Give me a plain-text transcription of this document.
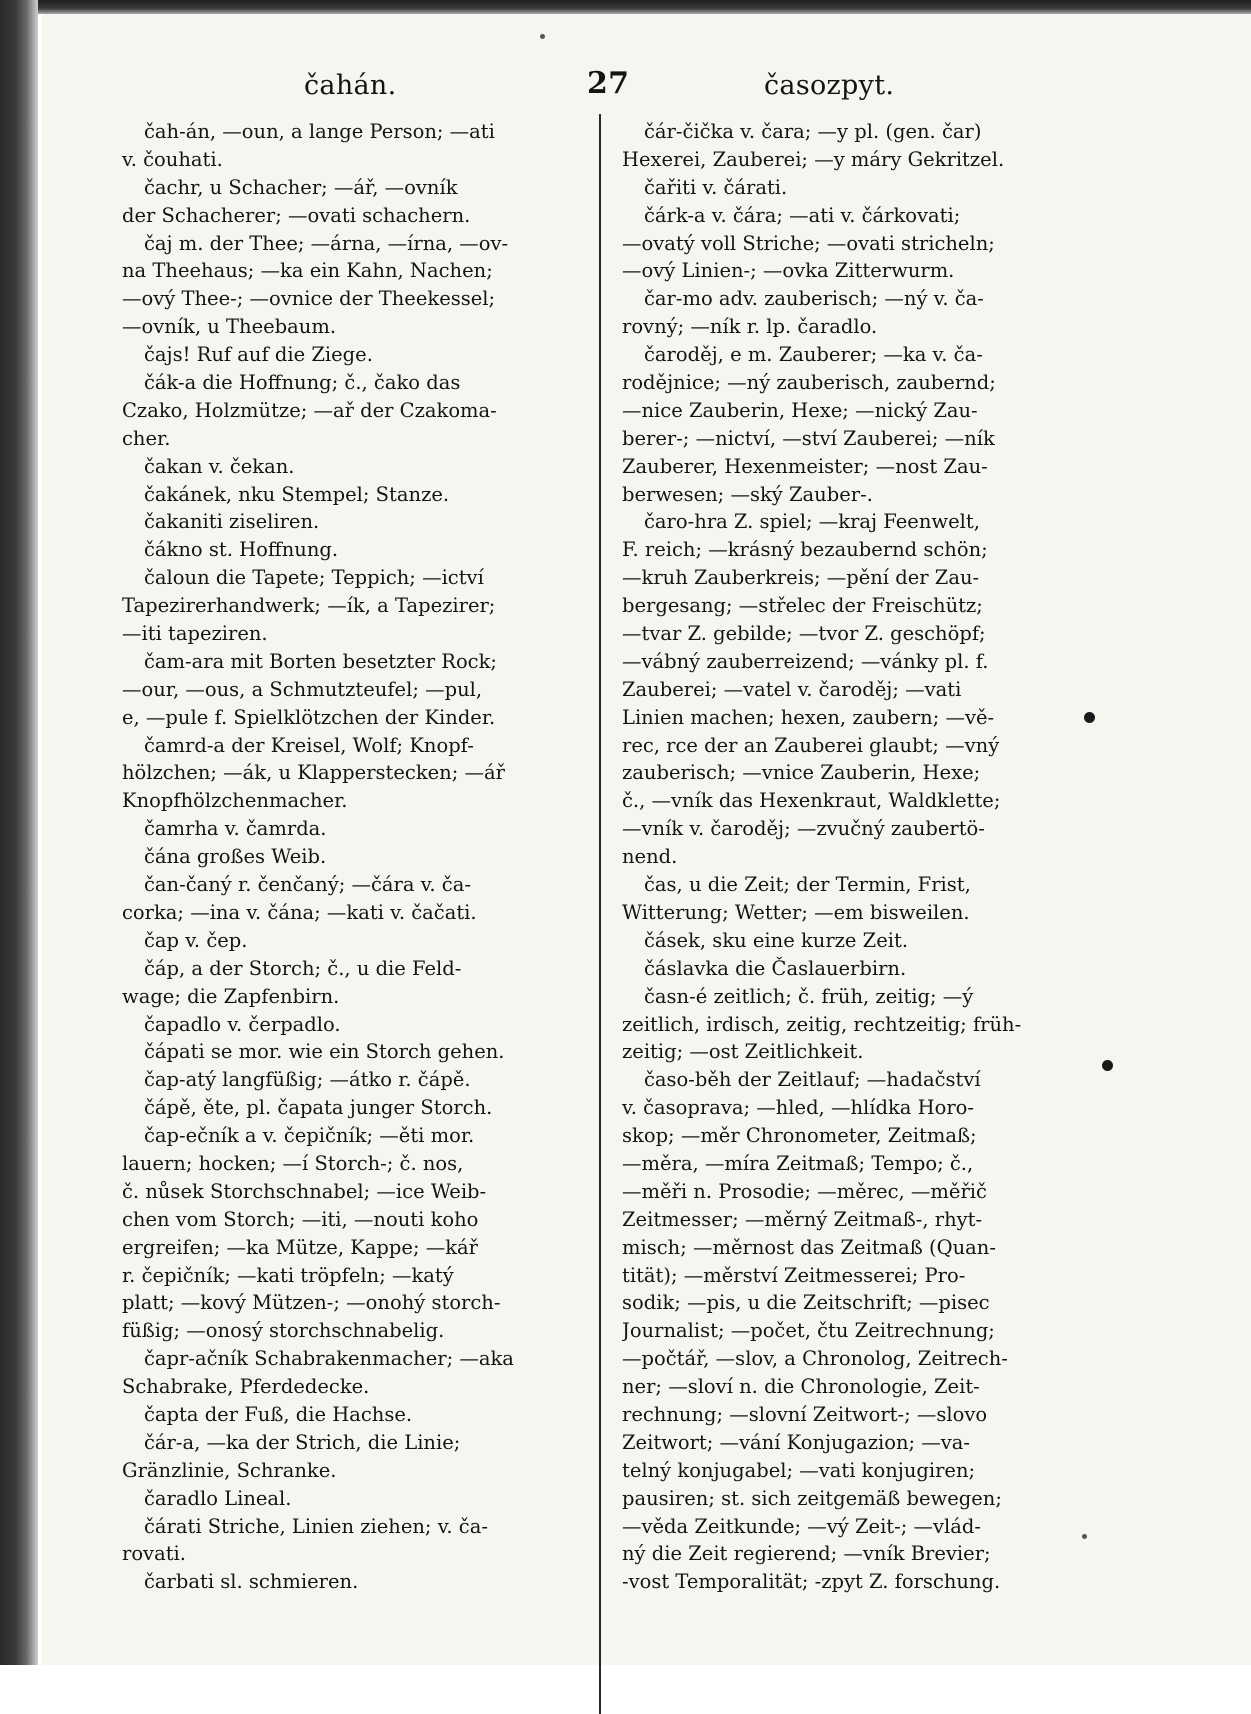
čahán.	27	časozpyt.
čah-án, —oun, a lange Person; —ati
v. čouhati.
čachr, u Schacher; —ář, —ovník
der Schacherer; —ovati schachern.
čaj m. der Thee; —árna, —írna, —ov-
na Theehaus; —ka ein Kahn, Nachen;
—ový Thee-; —ovnice der Theekessel;
—ovník, u Theebaum.
čajs! Ruf auf die Ziege.
čák-a die Hoffnung; č., čako das
Czako, Holzmütze; —ař der Czakoma-
cher.
čakan v. čekan.
čakánek, nku Stempel; Stanze.
čakaniti ziseliren.
čákno st. Hoffnung.
čaloun die Tapete; Teppich; —ictví
Tapezirerhandwerk; —ík, a Tapezirer;
—iti tapeziren.
čam-ara mit Borten besetzter Rock;
—our, —ous, a Schmutzteufel; —pul,
e, —pule f. Spielklötzchen der Kinder.
čamrd-a der Kreisel, Wolf; Knopf-
hölzchen; —ák, u Klapperstecken; —ář
Knopfhölzchenmacher.
čamrha v. čamrda.
čána großes Weib.
čan-čaný r. čenčaný; —čára v. ča-
corka; —ina v. čána; —kati v. čačati.
čap v. čep.
čáp, a der Storch; č., u die Feld-
wage; die Zapfenbirn.
čapadlo v. čerpadlo.
čápati se mor. wie ein Storch gehen.
čap-atý langfüßig; —átko r. čápě.
čápě, ěte, pl. čapata junger Storch.
čap-ečník a v. čepičník; —ěti mor.
lauern; hocken; —í Storch-; č. nos,
č. nůsek Storchschnabel; —ice Weib-
chen vom Storch; —iti, —nouti koho
ergreifen; —ka Mütze, Kappe; —kář
r. čepičník; —kati tröpfeln; —katý
platt; —kový Mützen-; —onohý storch-
füßig; —onosý storchschnabelig.
čapr-ačník Schabrakenmacher; —aka
Schabrake, Pferdedecke.
čapta der Fuß, die Hachse.
čár-a, —ka der Strich, die Linie;
Gränzlinie, Schranke.
čaradlo Lineal.
čárati Striche, Linien ziehen; v. ča-
rovati.
čarbati sl. schmieren.
čár-čička v. čara; —y pl. (gen. čar)
Hexerei, Zauberei; —y máry Gekritzel.
čařiti v. čárati.
čárk-a v. čára; —ati v. čárkovati;
—ovatý voll Striche; —ovati stricheln;
—ový Linien-; —ovka Zitterwurm.
čar-mo adv. zauberisch; —ný v. ča-
rovný; —ník r. lp. čaradlo.
čaroděj, e m. Zauberer; —ka v. ča-
rodějnice; —ný zauberisch, zaubernd;
—nice Zauberin, Hexe; —nický Zau-
berer-; —nictví, —ství Zauberei; —ník
Zauberer, Hexenmeister; —nost Zau-
berwesen; —ský Zauber-.
čaro-hra Z. spiel; —kraj Feenwelt,
F. reich; —krásný bezaubernd schön;
—kruh Zauberkreis; —pění der Zau-
bergesang; —střelec der Freischütz;
—tvar Z. gebilde; —tvor Z. geschöpf;
—vábný zauberreizend; —vánky pl. f.
Zauberei; —vatel v. čaroděj; —vati
Linien machen; hexen, zaubern; —vě-
rec, rce der an Zauberei glaubt; —vný
zauberisch; —vnice Zauberin, Hexe;
č., —vník das Hexenkraut, Waldklette;
—vník v. čaroděj; —zvučný zaubertö-
nend.
čas, u die Zeit; der Termin, Frist,
Witterung; Wetter; —em bisweilen.
čásek, sku eine kurze Zeit.
čáslavka die Časlauerbirn.
časn-é zeitlich; č. früh, zeitig; —ý
zeitlich, irdisch, zeitig, rechtzeitig; früh-
zeitig; —ost Zeitlichkeit.
časo-běh der Zeitlauf; —hadačství
v. časoprava; —hled, —hlídka Horo-
skop; —měr Chronometer, Zeitmaß;
—měra, —míra Zeitmaß; Tempo; č.,
—měři n. Prosodie; —měrec, —měřič
Zeitmesser; —měrný Zeitmaß-, rhyt-
misch; —měrnost das Zeitmaß (Quan-
tität); —měrství Zeitmesserei; Pro-
sodik; —pis, u die Zeitschrift; —pisec
Journalist; —počet, čtu Zeitrechnung;
—počtář, —slov, a Chronolog, Zeitrech-
ner; —sloví n. die Chronologie, Zeit-
rechnung; —slovní Zeitwort-; —slovo
Zeitwort; —vání Konjugazion; —va-
telný konjugabel; —vati konjugiren;
pausiren; st. sich zeitgemäß bewegen;
—věda Zeitkunde; —vý Zeit-; —vlád-
ný die Zeit regierend; —vník Brevier;
-vost Temporalität; -zpyt Z. forschung.
